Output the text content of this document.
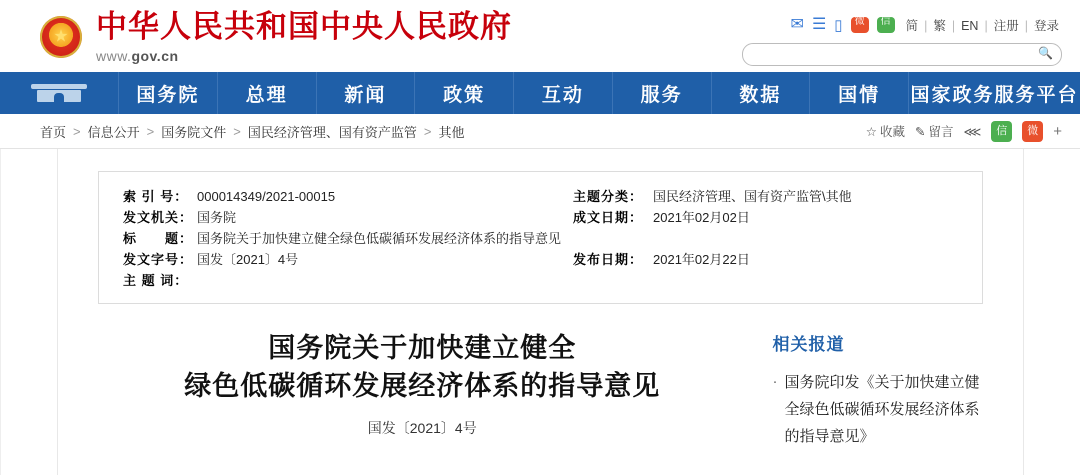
★ 中华人民共和国中央人民政府
www.gov.cn
✉ ☰ ▯	微	信	简 | 繁 | EN | 注册 | 登录
🔍
国务院	总理	新闻	政策	互动	服务	数据	国情	国家政务服务平台
首页 > 信息公开 > 国务院文件 > 国民经济管理、国有资产监管 > 其他	☆ 收藏 ✎ 留言 ⋘	信	微	+
索 引 号： 000014349/2021-00015
发文机关： 国务院
标　　题： 国务院关于加快建立健全绿色低碳循环发展经济体系的指导意见
发文字号： 国发〔2021〕4号
主 题 词：
主题分类： 国民经济管理、国有资产监管\其他
成文日期： 2021年02月02日

发布日期： 2021年02月22日
国务院关于加快建立健全
绿色低碳循环发展经济体系的指导意见
国发〔2021〕4号
相关报道
· 国务院印发《关于加快建立健全绿色低碳循环发展经济体系的指导意见》
